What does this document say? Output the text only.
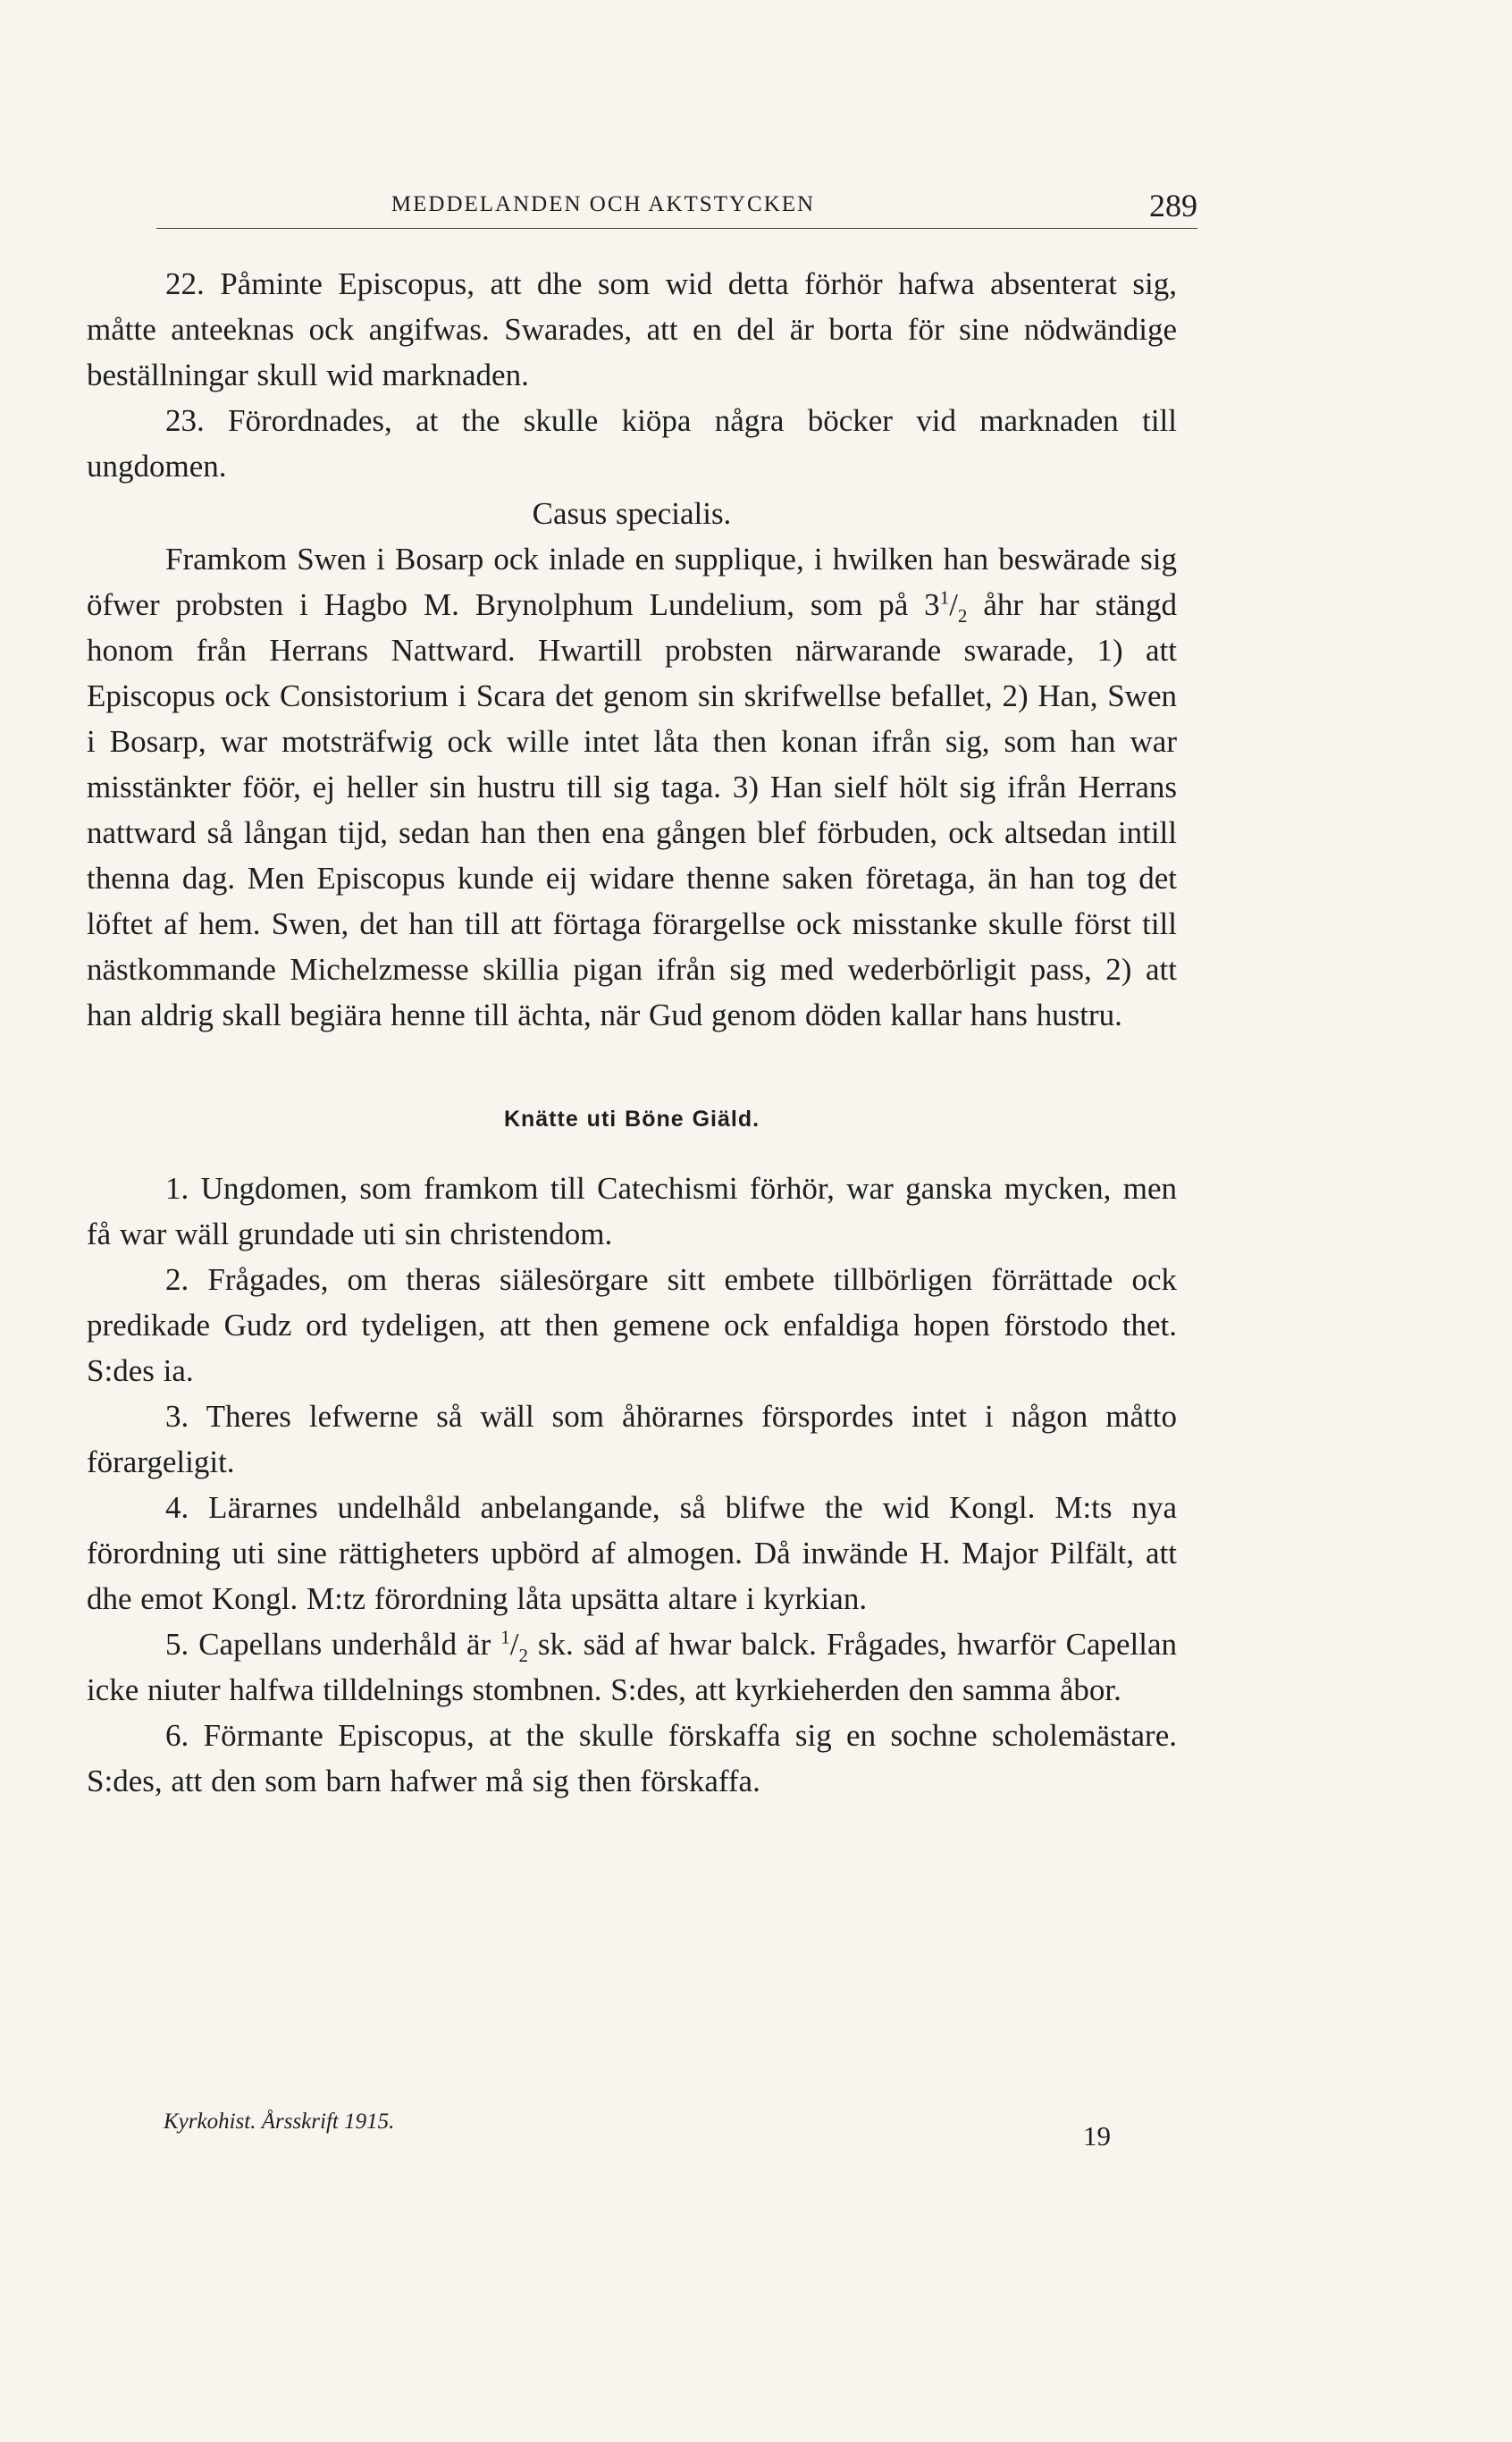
MEDDELANDEN OCH AKTSTYCKEN	289

22. Påminte Episcopus, att dhe som wid detta förhör hafwa absenterat sig, måtte anteeknas ock angifwas. Swarades, att en del är borta för sine nödwändige beställningar skull wid marknaden.

23. Förordnades, at the skulle kiöpa några böcker vid marknaden till ungdomen.

Casus specialis.

Framkom Swen i Bosarp ock inlade en supplique, i hwilken han beswärade sig öfwer probsten i Hagbo M. Brynolphum Lundelium, som på $3^1/_2$ åhr har stängd honom från Herrans Nattward. Hwartill probsten närwarande swarade, 1) att Episcopus ock Consistorium i Scara det genom sin skrifwellse befallet, 2) Han, Swen i Bosarp, war motsträfwig ock wille intet låta then konan ifrån sig, som han war misstänkter föör, ej heller sin hustru till sig taga. 3) Han sielf hölt sig ifrån Herrans nattward så långan tijd, sedan han then ena gången blef förbuden, ock altsedan intill thenna dag. Men Episcopus kunde eij widare thenne saken företaga, än han tog det löftet af hem. Swen, det han till att förtaga förargellse ock misstanke skulle först till nästkommande Michelzmesse skillia pigan ifrån sig med wederbörligit pass, 2) att han aldrig skall begiära henne till ächta, när Gud genom döden kallar hans hustru.

Knätte uti Böne Giäld.

1. Ungdomen, som framkom till Catechismi förhör, war ganska mycken, men få war wäll grundade uti sin christendom.

2. Frågades, om theras siälesörgare sitt embete tillbörligen förrättade ock predikade Gudz ord tydeligen, att then gemene ock enfaldiga hopen förstodo thet. S:des ia.

3. Theres lefwerne så wäll som åhörarnes förspordes intet i någon måtto förargeligit.

4. Lärarnes undelhåld anbelangande, så blifwe the wid Kongl. M:ts nya förordning uti sine rättigheters upbörd af almogen. Då inwände H. Major Pilfält, att dhe emot Kongl. M:tz förordning låta upsätta altare i kyrkian.

5. Capellans underhåld är $^1/_2$ sk. säd af hwar balck. Frågades, hwarför Capellan icke niuter halfwa tilldelnings stombnen. S:des, att kyrkieherden den samma åbor.

6. Förmante Episcopus, at the skulle förskaffa sig en sochne scholemästare. S:des, att den som barn hafwer må sig then förskaffa.

Kyrkohist. Årsskrift 1915.	19
